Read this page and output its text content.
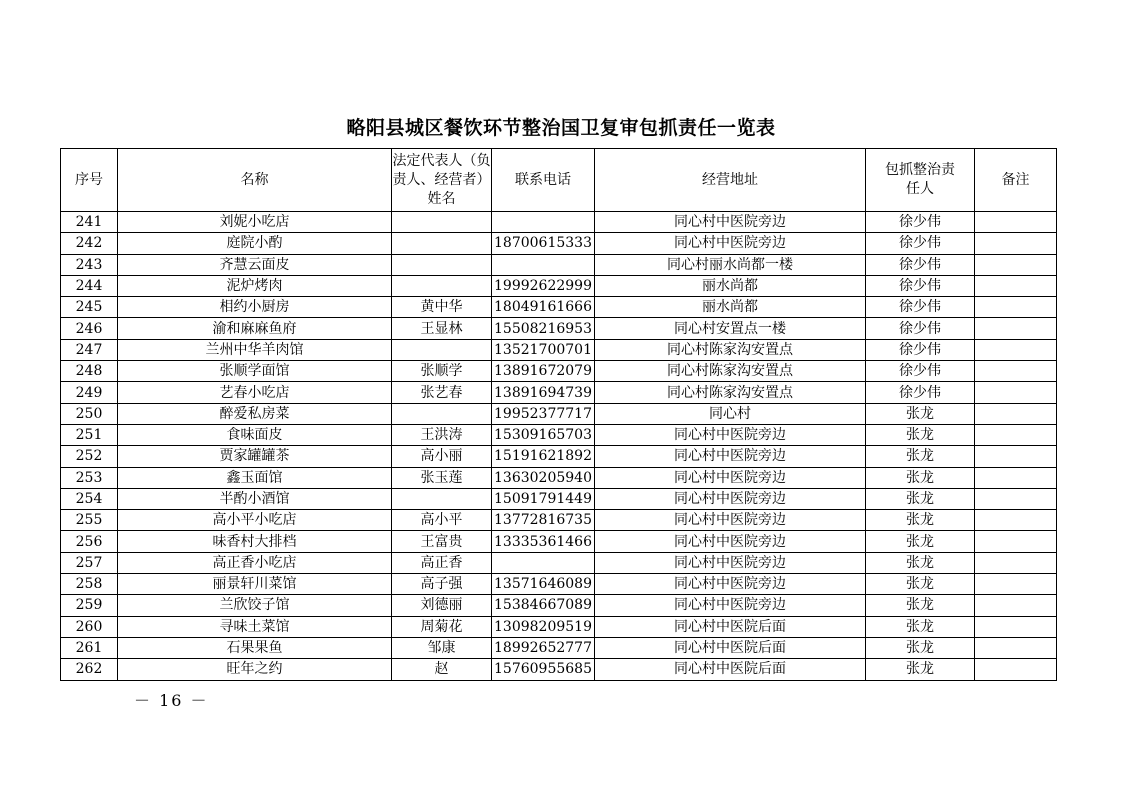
略阳县城区餐饮环节整治国卫复审包抓责任一览表
序号	名称	法定代表人（负责人、经营者）姓名	联系电话	经营地址	包抓整治责任人	备注
241	刘妮小吃店			同心村中医院旁边	徐少伟	
242	庭院小酌		18700615333	同心村中医院旁边	徐少伟	
243	齐慧云面皮			同心村丽水尚都一楼	徐少伟	
244	泥炉烤肉		19992622999	丽水尚都	徐少伟	
245	相约小厨房	黄中华	18049161666	丽水尚都	徐少伟	
246	渝和麻麻鱼府	王显林	15508216953	同心村安置点一楼	徐少伟	
247	兰州中华羊肉馆		13521700701	同心村陈家沟安置点	徐少伟	
248	张顺学面馆	张顺学	13891672079	同心村陈家沟安置点	徐少伟	
249	艺春小吃店	张艺春	13891694739	同心村陈家沟安置点	徐少伟	
250	醉爱私房菜		19952377717	同心村	张龙	
251	食味面皮	王洪涛	15309165703	同心村中医院旁边	张龙	
252	贾家罐罐茶	高小丽	15191621892	同心村中医院旁边	张龙	
253	鑫玉面馆	张玉莲	13630205940	同心村中医院旁边	张龙	
254	半酌小酒馆		15091791449	同心村中医院旁边	张龙	
255	高小平小吃店	高小平	13772816735	同心村中医院旁边	张龙	
256	味香村大排档	王富贵	13335361466	同心村中医院旁边	张龙	
257	高正香小吃店	高正香		同心村中医院旁边	张龙	
258	丽景轩川菜馆	高子强	13571646089	同心村中医院旁边	张龙	
259	兰欣饺子馆	刘德丽	15384667089	同心村中医院旁边	张龙	
260	寻味土菜馆	周菊花	13098209519	同心村中医院后面	张龙	
261	石果果鱼	邹康	18992652777	同心村中医院后面	张龙	
262	旺年之约	赵	15760955685	同心村中医院后面	张龙	
－ 16 －
